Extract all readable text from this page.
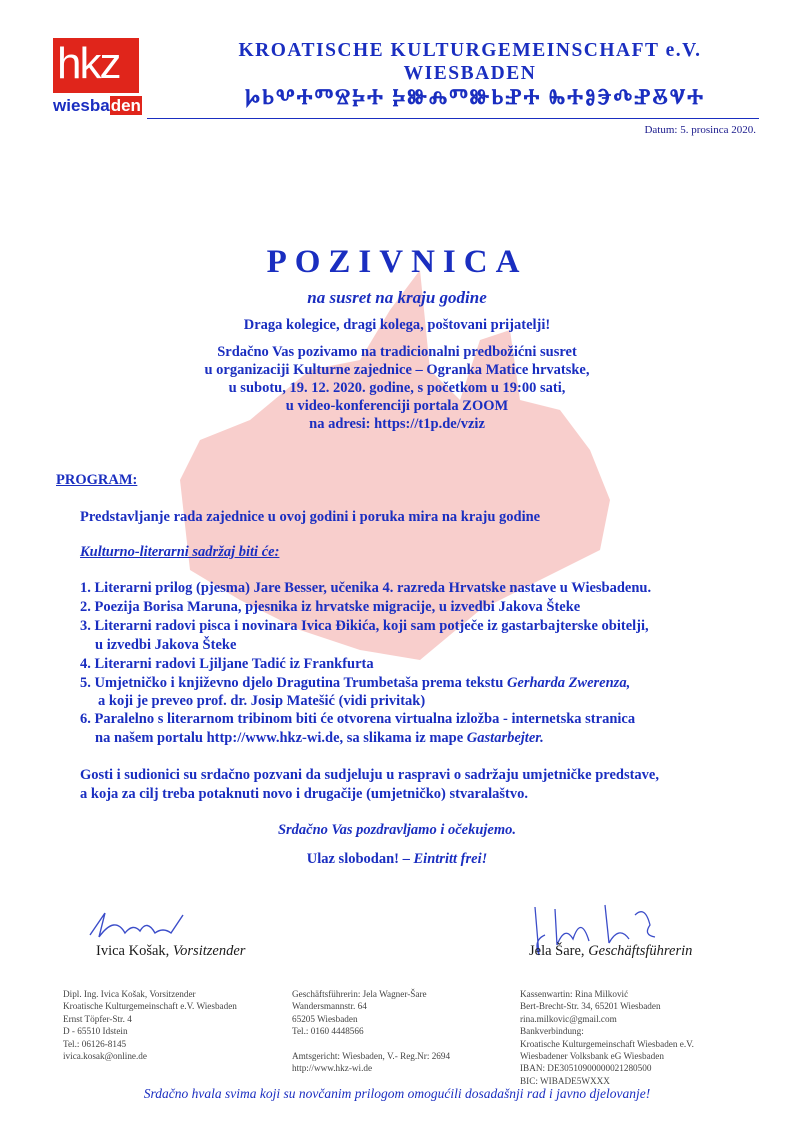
hkz
wiesbaden
KROATISCHE KULTURGEMEINSCHAFT e.V.
WIESBADEN
ⰘⰓⰂⰀⰕⰔⰍⰀ ⰍⰖⰎⰕⰖⰓⰐⰀ ⰈⰀⰑⰅⰄⰐⰋⰜⰀ
Datum: 5. prosinca 2020.
POZIVNICA
na susret na kraju godine
Draga kolegice, dragi kolega, poštovani prijatelji!
Srdačno Vas pozivamo na tradicionalni predbožićni susret
u organizaciji Kulturne zajednice – Ogranka Matice hrvatske,
u subotu, 19. 12. 2020. godine, s početkom u 19:00 sati,
u video-konferenciji portala ZOOM
na adresi: https://t1p.de/vziz
PROGRAM:
Predstavljanje rada zajednice u ovoj godini i poruka mira na kraju godine
Kulturno-literarni sadržaj biti će:
1. Literarni prilog (pjesma) Jare Besser, učenika 4. razreda Hrvatske nastave u Wiesbadenu.
2. Poezija Borisa Maruna, pjesnika iz hrvatske migracije, u izvedbi Jakova Šteke
3. Literarni radovi pisca i novinara Ivica Đikića, koji sam potječe iz gastarbajterske obitelji,
u izvedbi Jakova Šteke
4. Literarni radovi Ljiljane Tadić iz Frankfurta
5. Umjetničko i književno djelo Dragutina Trumbetaša prema tekstu Gerharda Zwerenza,
a koji je preveo prof. dr. Josip Matešić (vidi privitak)
6. Paralelno s literarnom tribinom biti će otvorena virtualna izložba - internetska stranica
na našem portalu http://www.hkz-wi.de, sa slikama iz mape Gastarbejter.
Gosti i sudionici su srdačno pozvani da sudjeluju u raspravi o sadržaju umjetničke predstave,
a koja za cilj treba potaknuti novo i drugačije (umjetničko) stvaralaštvo.
Srdačno Vas pozdravljamo i očekujemo.
Ulaz slobodan! – Eintritt frei!
Ivica Košak, Vorsitzender	Jela Šare, Geschäftsführerin
Dipl. Ing. Ivica Košak, Vorsitzender
Kroatische Kulturgemeinschaft e.V. Wiesbaden
Ernst Töpfer-Str. 4
D - 65510 Idstein
Tel.: 06126-8145
ivica.kosak@online.de
Geschäftsführerin: Jela Wagner-Šare
Wandersmannstr. 64
65205 Wiesbaden
Tel.: 0160 4448566
Amtsgericht: Wiesbaden, V.- Reg.Nr: 2694
http://www.hkz-wi.de
Kassenwartin: Rina Milković
Bert-Brecht-Str. 34, 65201 Wiesbaden
rina.milkovic@gmail.com
Bankverbindung:
Kroatische Kulturgemeinschaft Wiesbaden e.V.
Wiesbadener Volksbank eG Wiesbaden
IBAN: DE30510900000021280500
BIC: WIBADE5WXXX
Srdačno hvala svima koji su novčanim prilogom omogućili dosadašnji rad i javno djelovanje!
